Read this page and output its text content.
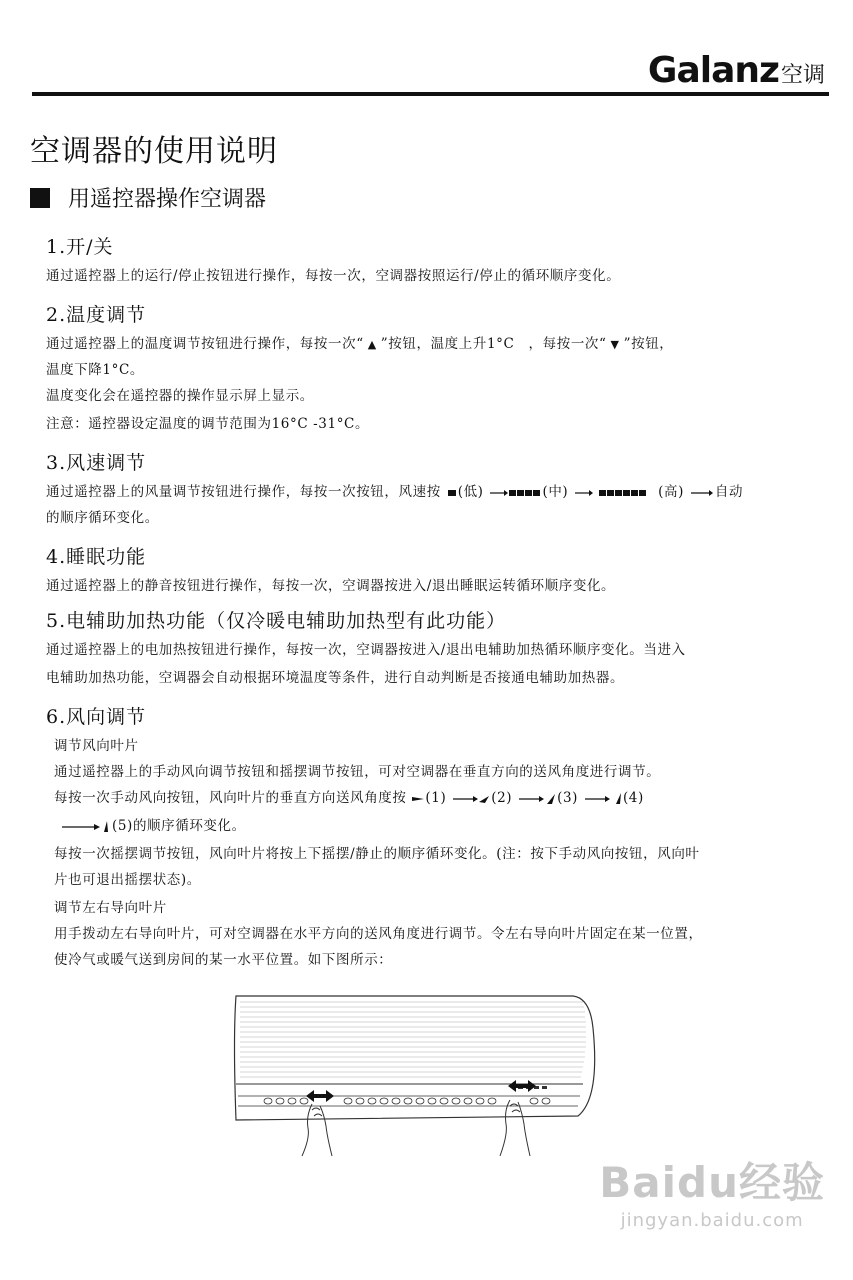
Galanz 空调
空调器的使用说明
用遥控器操作空调器
1.开/关

通过遥控器上的运行/停止按钮进行操作，每按一次，空调器按照运行/停止的循环顺序变化。

2.温度调节

通过遥控器上的温度调节按钮进行操作，每按一次“ ▲ ”按钮，温度上升1°C　，每按一次“ ▼ ”按钮，

温度下降1°C。

温度变化会在遥控器的操作显示屏上显示。

注意：遥控器设定温度的调节范围为16°C -31°C。

3.风速调节

通过遥控器上的风量调节按钮进行操作，每按一次按钮，风速按 (低)	(中)	(高) 自动

的顺序循环变化。

4.睡眠功能

通过遥控器上的静音按钮进行操作，每按一次，空调器按进入/退出睡眠运转循环顺序变化。

5.电辅助加热功能（仅冷暖电辅助加热型有此功能）

通过遥控器上的电加热按钮进行操作，每按一次，空调器按进入/退出电辅助加热循环顺序变化。当进入

电辅助加热功能，空调器会自动根据环境温度等条件，进行自动判断是否接通电辅助加热器。

6.风向调节

调节风向叶片

通过遥控器上的手动风向调节按钮和摇摆调节按钮，可对空调器在垂直方向的送风角度进行调节。

每按一次手动风向按钮，风向叶片的垂直方向送风角度按 (1)	(2)	(3)	(4)

(5)的顺序循环变化。

每按一次摇摆调节按钮，风向叶片将按上下摇摆/静止的顺序循环变化。(注：按下手动风向按钮，风向叶

片也可退出摇摆状态)。

调节左右导向叶片

用手拨动左右导向叶片，可对空调器在水平方向的送风角度进行调节。令左右导向叶片固定在某一位置，

使冷气或暖气送到房间的某一水平位置。如下图所示：

Baidu经验
jingyan.baidu.com
